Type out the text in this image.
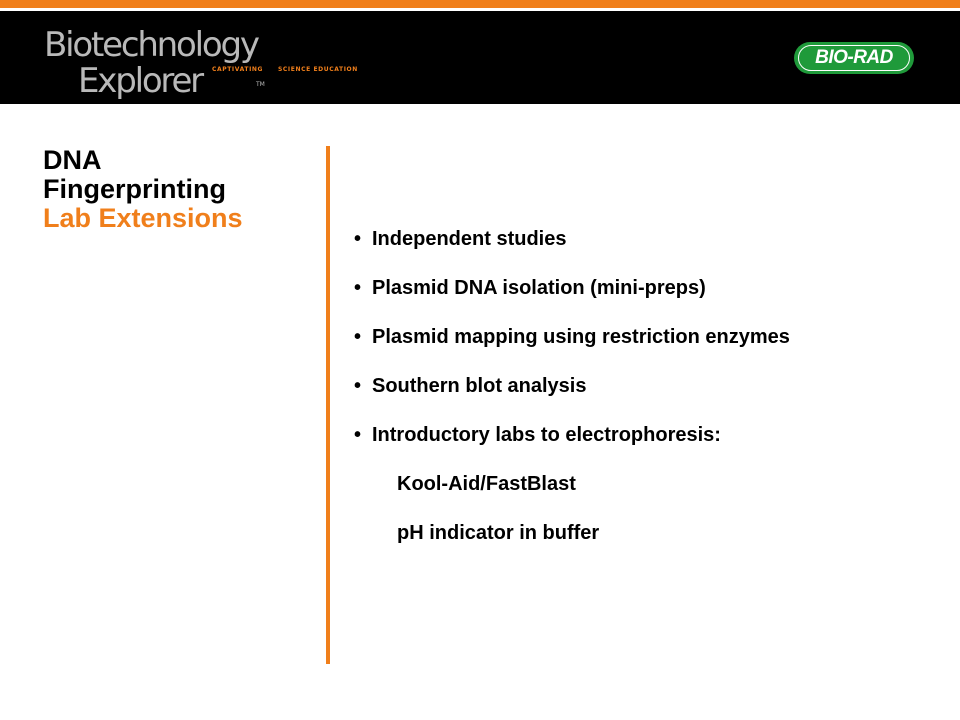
Biotechnology
Explorer	TM
CAPTIVATING SCIENCE EDUCATION
BIO-RAD
DNA
Fingerprinting
Lab Extensions
• Independent studies
• Plasmid DNA isolation (mini-preps)
• Plasmid mapping using restriction enzymes
• Southern blot analysis
• Introductory labs to electrophoresis:
Kool-Aid/FastBlast
pH indicator in buffer
